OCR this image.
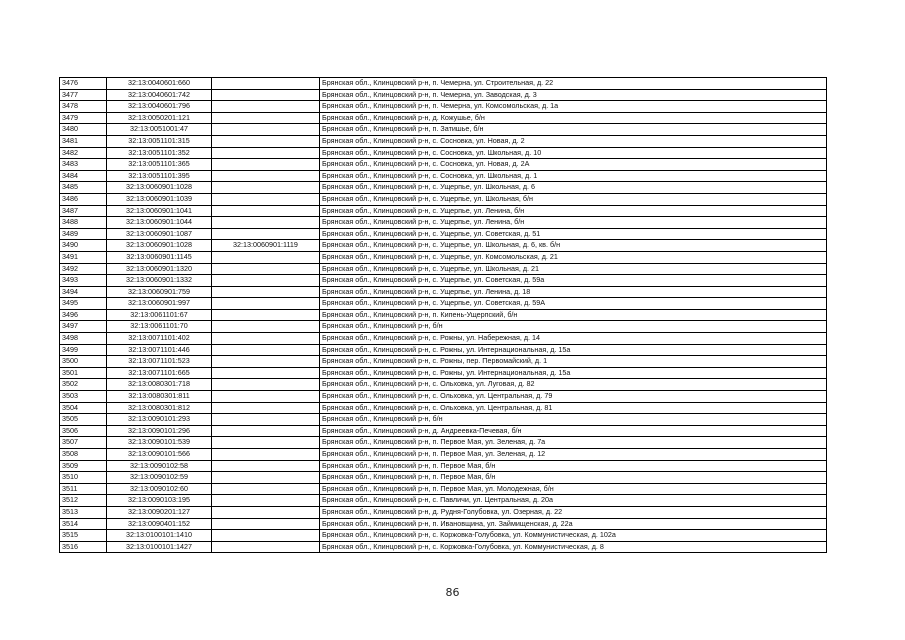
3476	32:13:0040601:660		Брянская обл., Клинцовский р-н, п. Чемерна, ул. Строительная, д. 22
3477	32:13:0040601:742		Брянская обл., Клинцовский р-н, п. Чемерна, ул. Заводская, д. 3
3478	32:13:0040601:796		Брянская обл., Клинцовский р-н, п. Чемерна, ул. Комсомольская, д. 1а
3479	32:13:0050201:121		Брянская обл., Клинцовский р-н, д. Кожушье, б/н
3480	32:13:0051001:47		Брянская обл., Клинцовский р-н, п. Затишье, б/н
3481	32:13:0051101:315		Брянская обл., Клинцовский р-н, с. Сосновка, ул. Новая, д. 2
3482	32:13:0051101:352		Брянская обл., Клинцовский р-н, с. Сосновка, ул. Школьная, д. 10
3483	32:13:0051101:365		Брянская обл., Клинцовский р-н, с. Сосновка, ул. Новая, д. 2А
3484	32:13:0051101:395		Брянская обл., Клинцовский р-н, с. Сосновка, ул. Школьная, д. 1
3485	32:13:0060901:1028		Брянская обл., Клинцовский р-н, с. Ущерпье, ул. Школьная, д. 6
3486	32:13:0060901:1039		Брянская обл., Клинцовский р-н, с. Ущерпье, ул. Школьная, б/н
3487	32:13:0060901:1041		Брянская обл., Клинцовский р-н, с. Ущерпье, ул. Ленина, б/н
3488	32:13:0060901:1044		Брянская обл., Клинцовский р-н, с. Ущерпье, ул. Ленина, б/н
3489	32:13:0060901:1087		Брянская обл., Клинцовский р-н, с. Ущерпье, ул. Советская, д. 51
3490	32:13:0060901:1028	32:13:0060901:1119	Брянская обл., Клинцовский р-н, с. Ущерпье, ул. Школьная, д. 6, кв. б/н
3491	32:13:0060901:1145		Брянская обл., Клинцовский р-н, с. Ущерпье, ул. Комсомольская, д. 21
3492	32:13:0060901:1320		Брянская обл., Клинцовский р-н, с. Ущерпье, ул. Школьная, д. 21
3493	32:13:0060901:1332		Брянская обл., Клинцовский р-н, с. Ущерпье, ул. Советская, д. 59а
3494	32:13:0060901:759		Брянская обл., Клинцовский р-н, с. Ущерпье, ул. Ленина, д. 18
3495	32:13:0060901:997		Брянская обл., Клинцовский р-н, с. Ущерпье, ул. Советская, д. 59А
3496	32:13:0061101:67		Брянская обл., Клинцовский р-н, п. Кипень-Ущерпский, б/н
3497	32:13:0061101:70		Брянская обл., Клинцовский р-н, б/н
3498	32:13:0071101:402		Брянская обл., Клинцовский р-н, с. Рожны, ул. Набережная, д. 14
3499	32:13:0071101:446		Брянская обл., Клинцовский р-н, с. Рожны, ул. Интернациональная, д. 15а
3500	32:13:0071101:523		Брянская обл., Клинцовский р-н, с. Рожны, пер. Первомайский, д. 1
3501	32:13:0071101:665		Брянская обл., Клинцовский р-н, с. Рожны, ул. Интернациональная, д. 15а
3502	32:13:0080301:718		Брянская обл., Клинцовский р-н, с. Ольховка, ул. Луговая, д. 82
3503	32:13:0080301:811		Брянская обл., Клинцовский р-н, с. Ольховка, ул. Центральная, д. 79
3504	32:13:0080301:812		Брянская обл., Клинцовский р-н, с. Ольховка, ул. Центральная, д. 81
3505	32:13:0090101:293		Брянская обл., Клинцовский р-н, б/н
3506	32:13:0090101:296		Брянская обл., Клинцовский р-н, д. Андреевка-Печевая, б/н
3507	32:13:0090101:539		Брянская обл., Клинцовский р-н, п. Первое Мая, ул. Зеленая, д. 7а
3508	32:13:0090101:566		Брянская обл., Клинцовский р-н, п. Первое Мая, ул. Зеленая, д. 12
3509	32:13:0090102:58		Брянская обл., Клинцовский р-н, п. Первое Мая, б/н
3510	32:13:0090102:59		Брянская обл., Клинцовский р-н, п. Первое Мая, б/н
3511	32:13:0090102:60		Брянская обл., Клинцовский р-н, п. Первое Мая, ул. Молодежная, б/н
3512	32:13:0090103:195		Брянская обл., Клинцовский р-н, с. Павличи, ул. Центральная, д. 20а
3513	32:13:0090201:127		Брянская обл., Клинцовский р-н, д. Рудня-Голубовка, ул. Озерная, д. 22
3514	32:13:0090401:152		Брянская обл., Клинцовский р-н, п. Ивановщина, ул. Займищенская, д. 22а
3515	32:13:0100101:1410		Брянская обл., Клинцовский р-н, с. Коржовка-Голубовка, ул. Коммунистическая, д. 102а
3516	32:13:0100101:1427		Брянская обл., Клинцовский р-н, с. Коржовка-Голубовка, ул. Коммунистическая, д. 8
86
